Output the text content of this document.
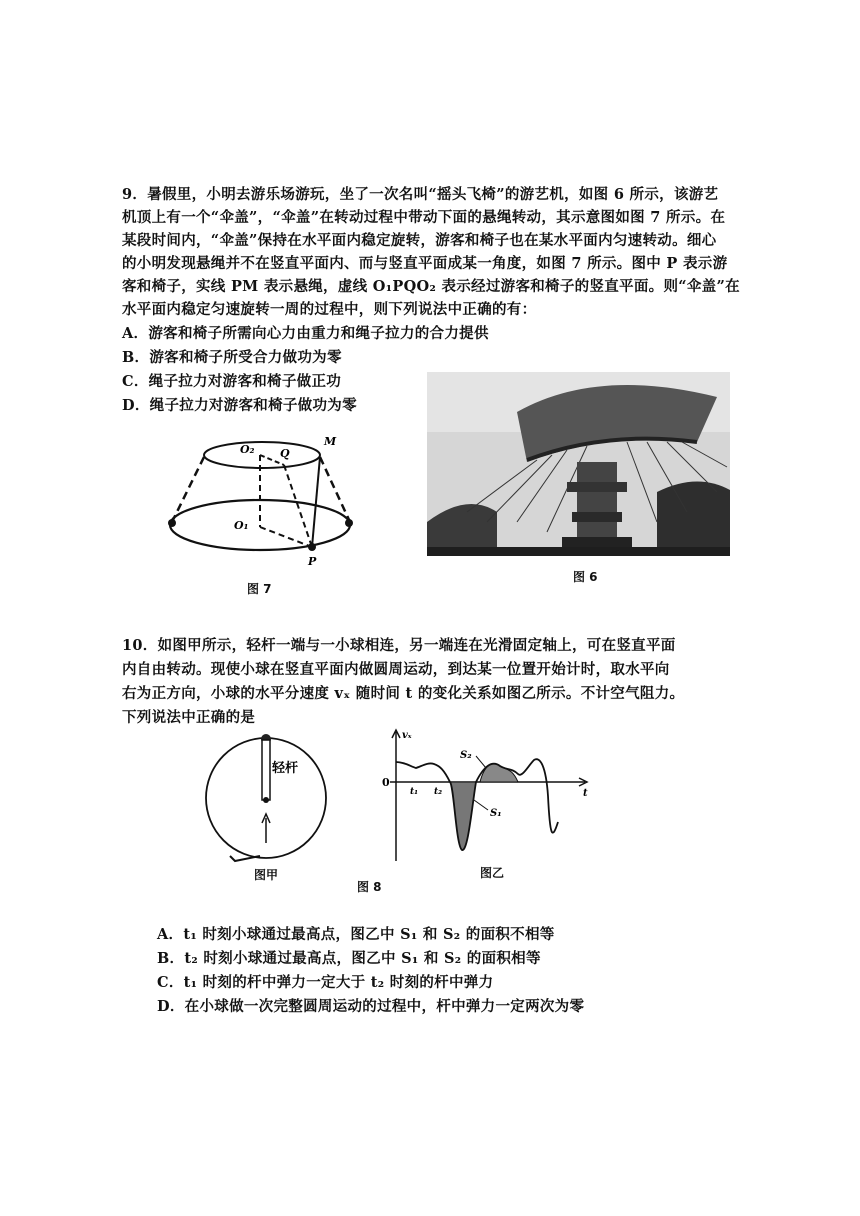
9．暑假里，小明去游乐场游玩，坐了一次名叫“摇头飞椅”的游艺机，如图 6 所示，该游艺
机顶上有一个“伞盖”，“伞盖”在转动过程中带动下面的悬绳转动，其示意图如图 7 所示。在
某段时间内，“伞盖”保持在水平面内稳定旋转，游客和椅子也在某水平面内匀速转动。细心
的小明发现悬绳并不在竖直平面内、而与竖直平面成某一角度，如图 7 所示。图中 P 表示游
客和椅子，实线 PM 表示悬绳，虚线 O₁PQO₂ 表示经过游客和椅子的竖直平面。则“伞盖”在
水平面内稳定匀速旋转一周的过程中，则下列说法中正确的有：
A．游客和椅子所需向心力由重力和绳子拉力的合力提供
B．游客和椅子所受合力做功为零
C．绳子拉力对游客和椅子做正功
D．绳子拉力对游客和椅子做功为零
O₂ Q
M
O₁
P
图 7
图 6
10．如图甲所示，轻杆一端与一小球相连，另一端连在光滑固定轴上，可在竖直平面
内自由转动。现使小球在竖直平面内做圆周运动，到达某一位置开始计时，取水平向
右为正方向，小球的水平分速度 vₓ 随时间 t 的变化关系如图乙所示。不计空气阻力。
下列说法中正确的是
轻杆
图甲
vₓ
t
0
t₁ t₂
S₁
S₂
图乙
图 8
A．t₁ 时刻小球通过最高点，图乙中 S₁ 和 S₂ 的面积不相等
B．t₂ 时刻小球通过最高点，图乙中 S₁ 和 S₂ 的面积相等
C．t₁ 时刻的杆中弹力一定大于 t₂ 时刻的杆中弹力
D．在小球做一次完整圆周运动的过程中，杆中弹力一定两次为零
